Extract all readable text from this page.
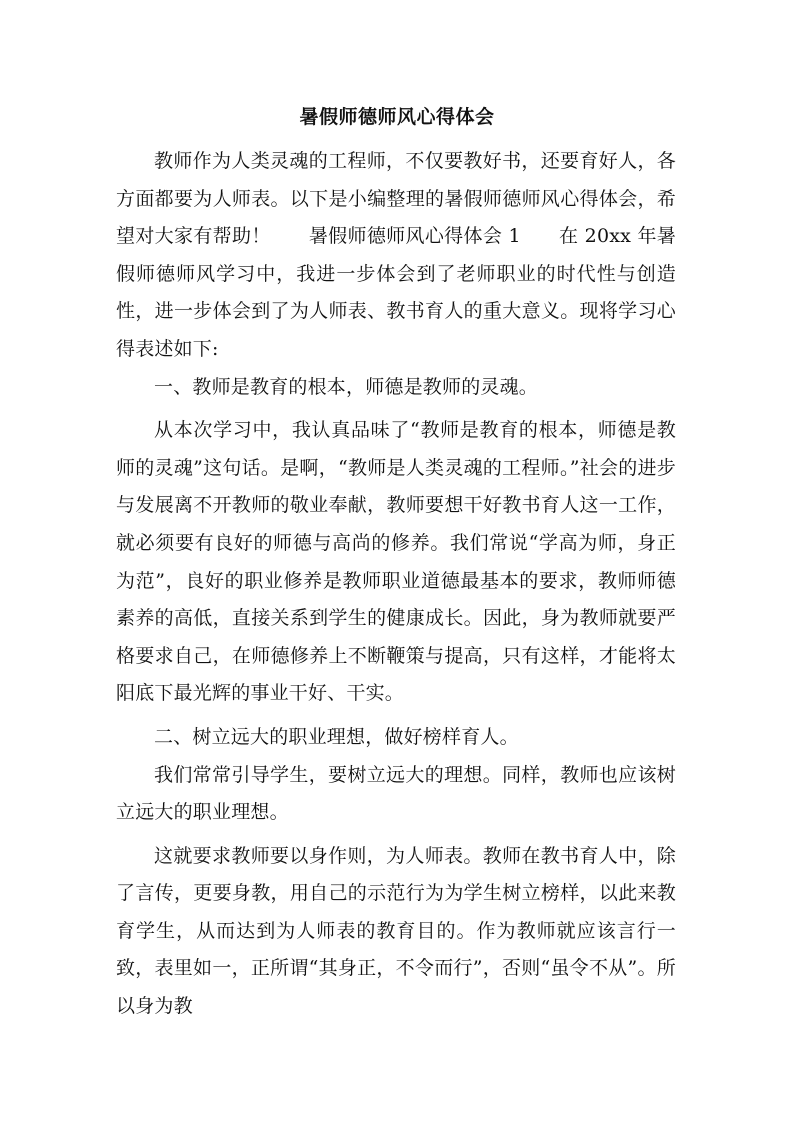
暑假师德师风心得体会

教师作为人类灵魂的工程师，不仅要教好书，还要育好人，各方面都要为人师表。以下是小编整理的暑假师德师风心得体会，希望对大家有帮助！ 暑假师德师风心得体会 1 在 20xx 年暑假师德师风学习中，我进一步体会到了老师职业的时代性与创造性，进一步体会到了为人师表、教书育人的重大意义。现将学习心得表述如下:

一、教师是教育的根本，师德是教师的灵魂。

从本次学习中，我认真品味了“教师是教育的根本，师德是教师的灵魂”这句话。是啊，“教师是人类灵魂的工程师。”社会的进步与发展离不开教师的敬业奉献，教师要想干好教书育人这一工作，就必须要有良好的师德与高尚的修养。我们常说“学高为师，身正为范”，良好的职业修养是教师职业道德最基本的要求，教师师德素养的高低，直接关系到学生的健康成长。因此，身为教师就要严格要求自己，在师德修养上不断鞭策与提高，只有这样，才能将太阳底下最光辉的事业干好、干实。

二、树立远大的职业理想，做好榜样育人。

我们常常引导学生，要树立远大的理想。同样，教师也应该树立远大的职业理想。

这就要求教师要以身作则，为人师表。教师在教书育人中，除了言传，更要身教，用自己的示范行为为学生树立榜样，以此来教育学生，从而达到为人师表的教育目的。作为教师就应该言行一致，表里如一，正所谓“其身正，不令而行”，否则“虽令不从”。所以身为教
